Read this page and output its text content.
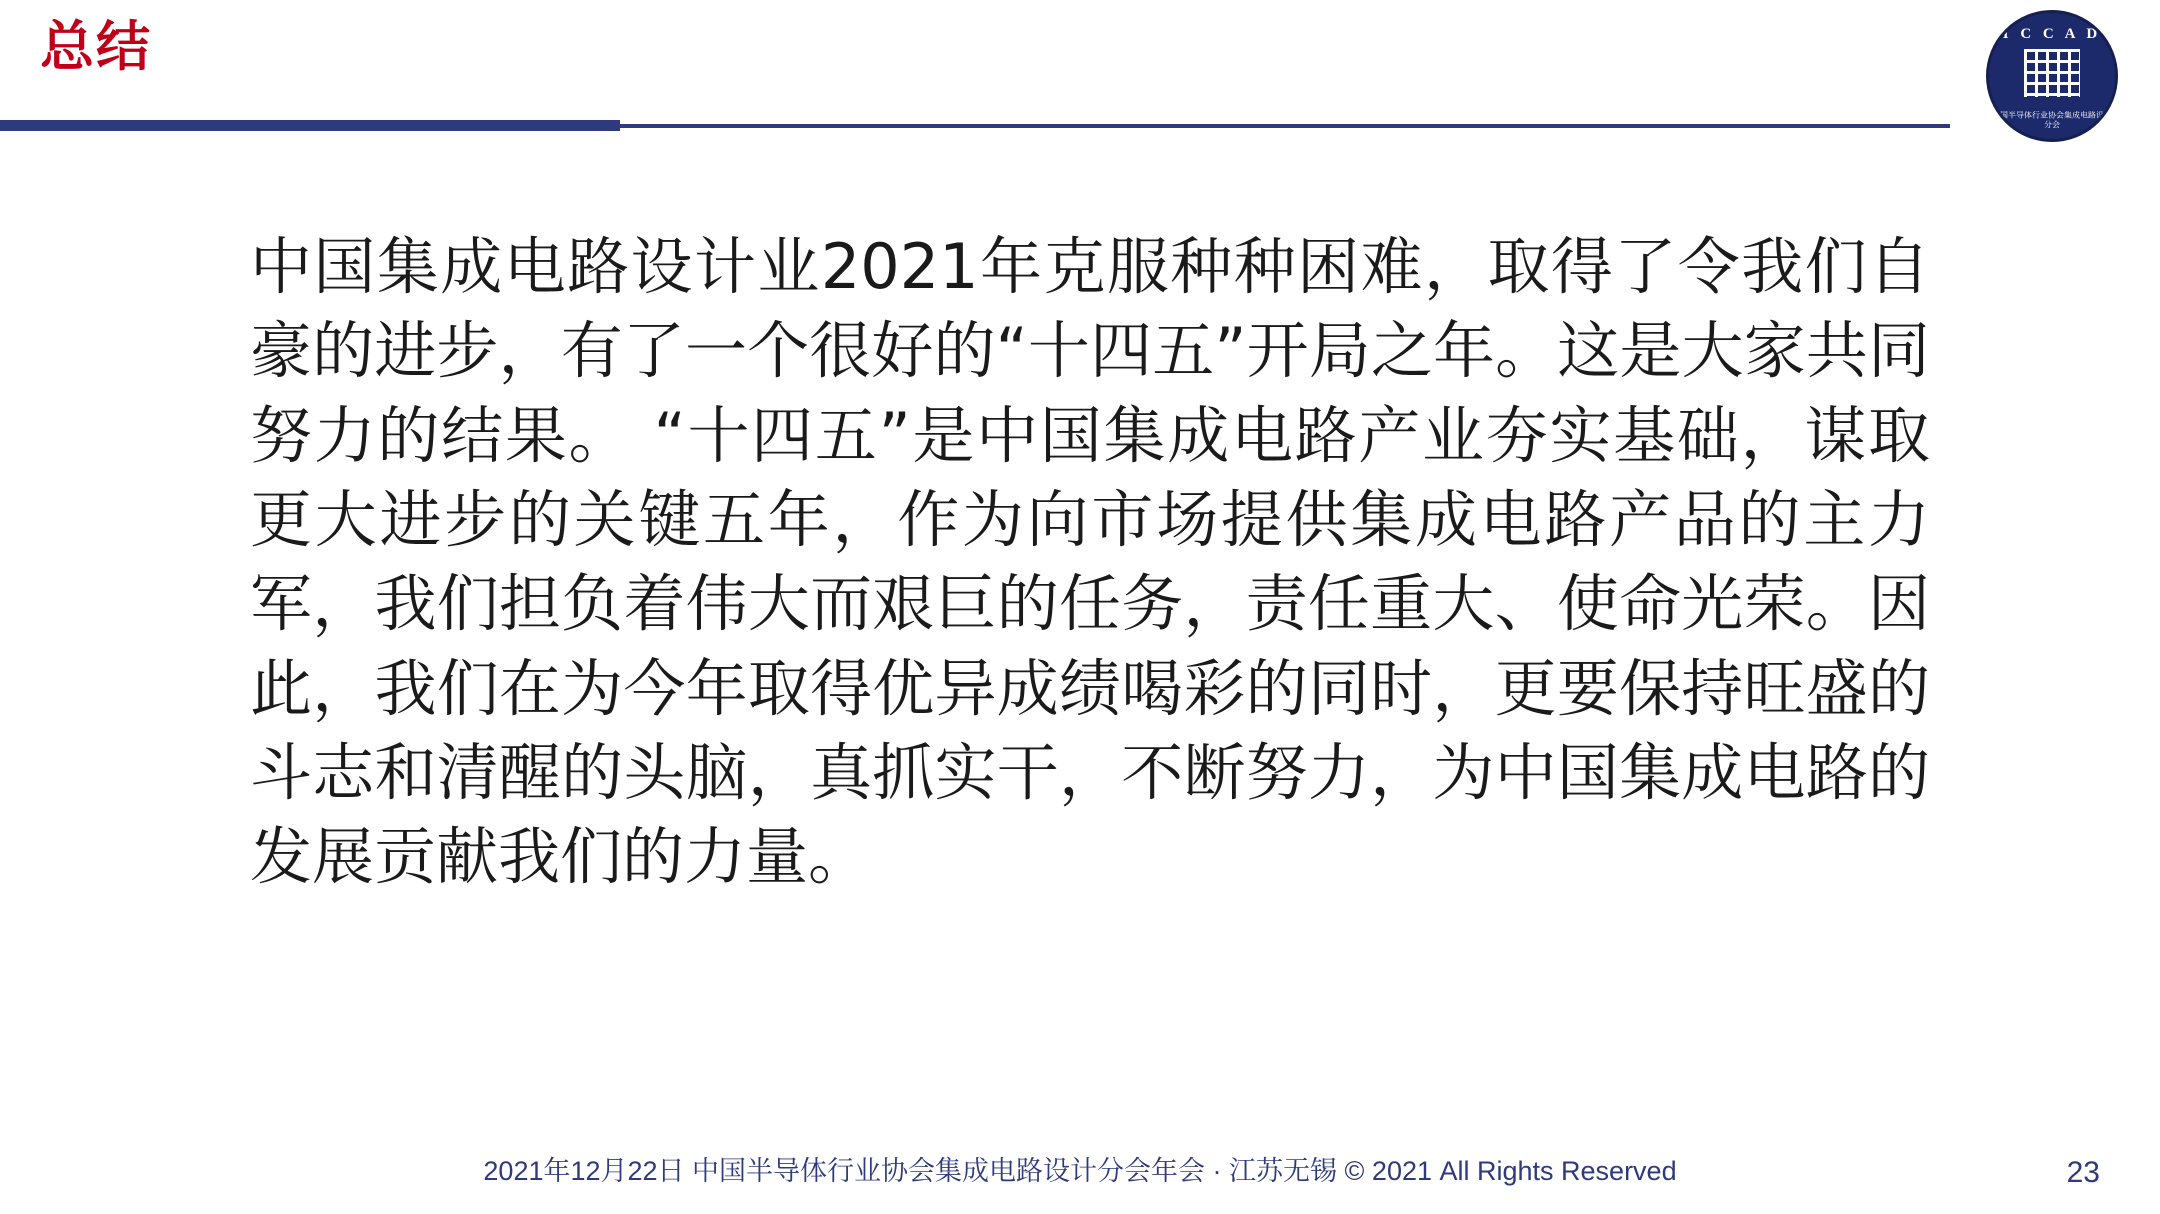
总结	I C C A D
中国半导体行业协会集成电路设计分会
中国集成电路设计业2021年克服种种困难，取得了令我们自豪的进步，有了一个很好的“十四五”开局之年。这是大家共同努力的结果。 “十四五”是中国集成电路产业夯实基础，谋取更大进步的关键五年，作为向市场提供集成电路产品的主力军，我们担负着伟大而艰巨的任务，责任重大、使命光荣。因此，我们在为今年取得优异成绩喝彩的同时，更要保持旺盛的斗志和清醒的头脑，真抓实干，不断努力，为中国集成电路的发展贡献我们的力量。
2021年12月22日 中国半导体行业协会集成电路设计分会年会 · 江苏无锡 © 2021 All Rights Reserved	23
